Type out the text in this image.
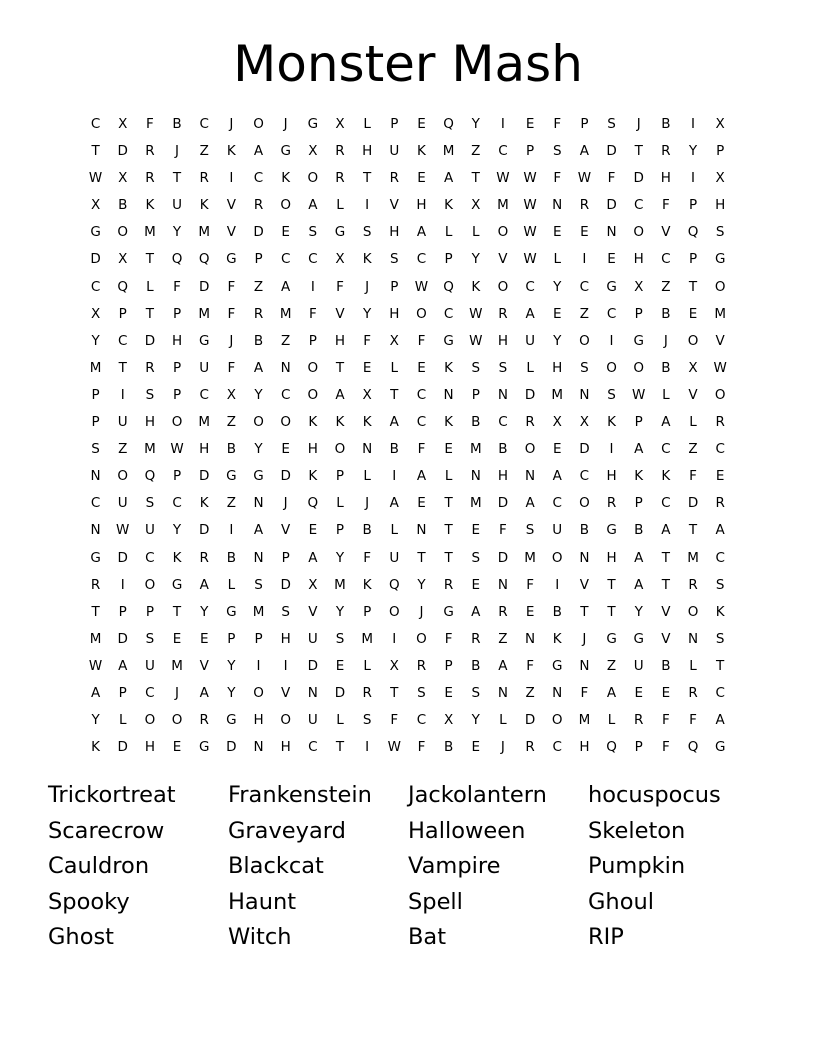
Monster Mash
C	X	F	B	C	J	O	J	G	X	L	P	E	Q	Y	I	E	F	P	S	J	B	I	X
T	D	R	J	Z	K	A	G	X	R	H	U	K	M	Z	C	P	S	A	D	T	R	Y	P
W	X	R	T	R	I	C	K	O	R	T	R	E	A	T	W	W	F	W	F	D	H	I	X
X	B	K	U	K	V	R	O	A	L	I	V	H	K	X	M	W	N	R	D	C	F	P	H
G	O	M	Y	M	V	D	E	S	G	S	H	A	L	L	O	W	E	E	N	O	V	Q	S
D	X	T	Q	Q	G	P	C	C	X	K	S	C	P	Y	V	W	L	I	E	H	C	P	G
C	Q	L	F	D	F	Z	A	I	F	J	P	W	Q	K	O	C	Y	C	G	X	Z	T	O
X	P	T	P	M	F	R	M	F	V	Y	H	O	C	W	R	A	E	Z	C	P	B	E	M
Y	C	D	H	G	J	B	Z	P	H	F	X	F	G	W	H	U	Y	O	I	G	J	O	V
M	T	R	P	U	F	A	N	O	T	E	L	E	K	S	S	L	H	S	O	O	B	X	W
P	I	S	P	C	X	Y	C	O	A	X	T	C	N	P	N	D	M	N	S	W	L	V	O
P	U	H	O	M	Z	O	O	K	K	K	A	C	K	B	C	R	X	X	K	P	A	L	R
S	Z	M	W	H	B	Y	E	H	O	N	B	F	E	M	B	O	E	D	I	A	C	Z	C
N	O	Q	P	D	G	G	D	K	P	L	I	A	L	N	H	N	A	C	H	K	K	F	E
C	U	S	C	K	Z	N	J	Q	L	J	A	E	T	M	D	A	C	O	R	P	C	D	R
N	W	U	Y	D	I	A	V	E	P	B	L	N	T	E	F	S	U	B	G	B	A	T	A
G	D	C	K	R	B	N	P	A	Y	F	U	T	T	S	D	M	O	N	H	A	T	M	C
R	I	O	G	A	L	S	D	X	M	K	Q	Y	R	E	N	F	I	V	T	A	T	R	S
T	P	P	T	Y	G	M	S	V	Y	P	O	J	G	A	R	E	B	T	T	Y	V	O	K
M	D	S	E	E	P	P	H	U	S	M	I	O	F	R	Z	N	K	J	G	G	V	N	S
W	A	U	M	V	Y	I	I	D	E	L	X	R	P	B	A	F	G	N	Z	U	B	L	T
A	P	C	J	A	Y	O	V	N	D	R	T	S	E	S	N	Z	N	F	A	E	E	R	C
Y	L	O	O	R	G	H	O	U	L	S	F	C	X	Y	L	D	O	M	L	R	F	F	A
K	D	H	E	G	D	N	H	C	T	I	W	F	B	E	J	R	C	H	Q	P	F	Q	G
Trickortreat	Frankenstein	Jackolantern	hocuspocus
Scarecrow	Graveyard	Halloween	Skeleton
Cauldron	Blackcat	Vampire	Pumpkin
Spooky	Haunt	Spell	Ghoul
Ghost	Witch	Bat	RIP
